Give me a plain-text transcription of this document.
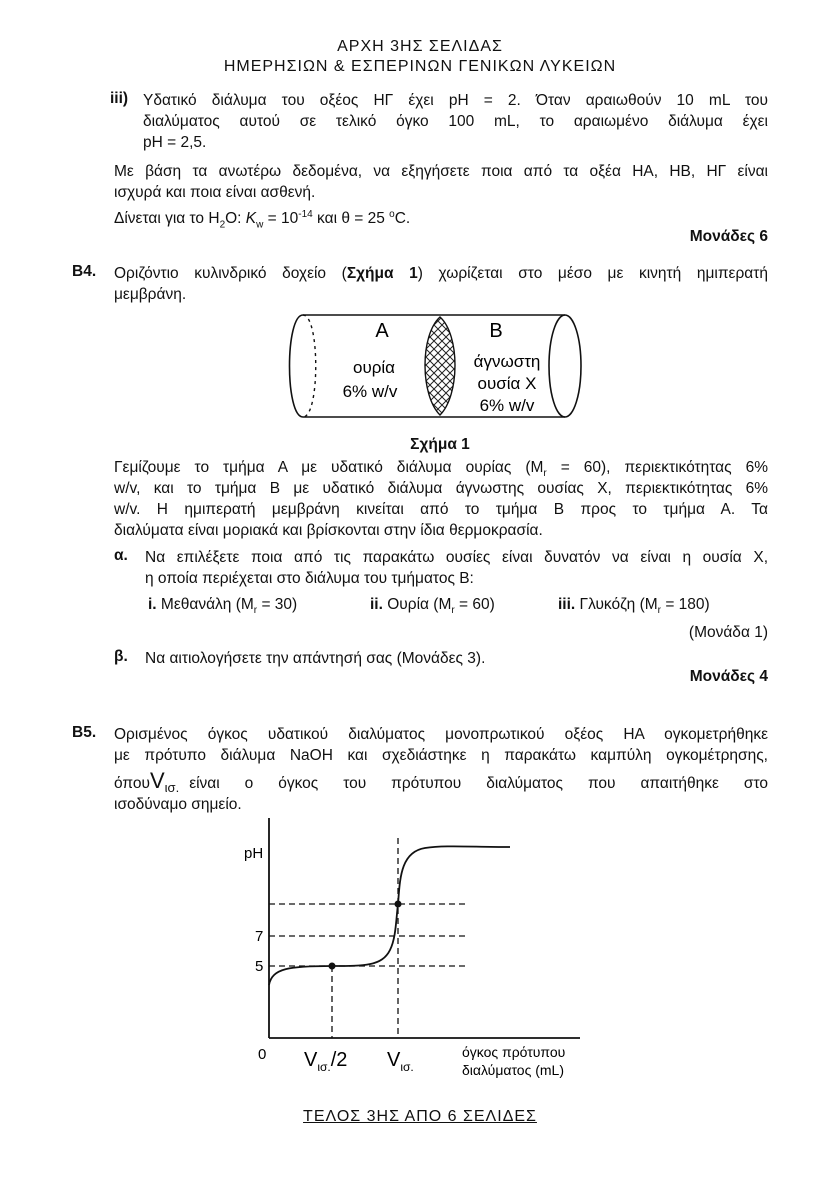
ΑΡΧΗ 3ΗΣ ΣΕΛΙΔΑΣ
ΗΜΕΡΗΣΙΩΝ & ΕΣΠΕΡΙΝΩΝ ΓΕΝΙΚΩΝ ΛΥΚΕΙΩΝ
iii) Υδατικό διάλυμα του οξέος ΗΓ έχει pH = 2. Όταν αραιωθούν 10 mL του
διαλύματος αυτού σε τελικό όγκο 100 mL, το αραιωμένο διάλυμα έχει
pH = 2,5.
Με βάση τα ανωτέρω δεδομένα, να εξηγήσετε ποια από τα οξέα ΗΑ, ΗΒ, ΗΓ είναι
ισχυρά και ποια είναι ασθενή.
Δίνεται για το $H_2O$: $K_w = 10^{-14}$ και θ = 25 $^o$C.
Μονάδες 6
Β4. Οριζόντιο κυλινδρικό δοχείο (Σχήμα 1) χωρίζεται στο μέσο με κινητή ημιπερατή
μεμβράνη.
A	B
ουρία
6% w/v
άγνωστη
ουσία X
6% w/v
Σχήμα 1
Γεμίζουμε το τμήμα Α με υδατικό διάλυμα ουρίας $(M_r = 60)$, περιεκτικότητας 6%
w/v, και το τμήμα Β με υδατικό διάλυμα άγνωστης ουσίας Χ, περιεκτικότητας 6%
w/v. Η ημιπερατή μεμβράνη κινείται από το τμήμα Β προς το τμήμα Α. Τα
διαλύματα είναι μοριακά και βρίσκονται στην ίδια θερμοκρασία.
α. Να επιλέξετε ποια από τις παρακάτω ουσίες είναι δυνατόν να είναι η ουσία Χ,
η οποία περιέχεται στο διάλυμα του τμήματος Β:
i. Μεθανάλη $(M_r = 30)$	ii. Ουρία $(M_r = 60)$	iii. Γλυκόζη $(M_r = 180)$
(Μονάδα 1)
β. Να αιτιολογήσετε την απάντησή σας (Μονάδες 3).
Μονάδες 4
Β5. Ορισμένος όγκος υδατικού διαλύματος μονοπρωτικού οξέος ΗΑ ογκομετρήθηκε
με πρότυπο διάλυμα NaOH και σχεδιάστηκε η παρακάτω καμπύλη ογκομέτρησης,
όπου $V_{\iota\sigma.}$ είναι ο όγκος του πρότυπου διαλύματος που απαιτήθηκε στο
ισοδύναμο σημείο.
pH
7
5
0 $V_{\iota\sigma.}/2$ $V_{\iota\sigma.}$
όγκος πρότυπου
διαλύματος (mL)
ΤΕΛΟΣ 3ΗΣ ΑΠΟ 6 ΣΕΛΙΔΕΣ
